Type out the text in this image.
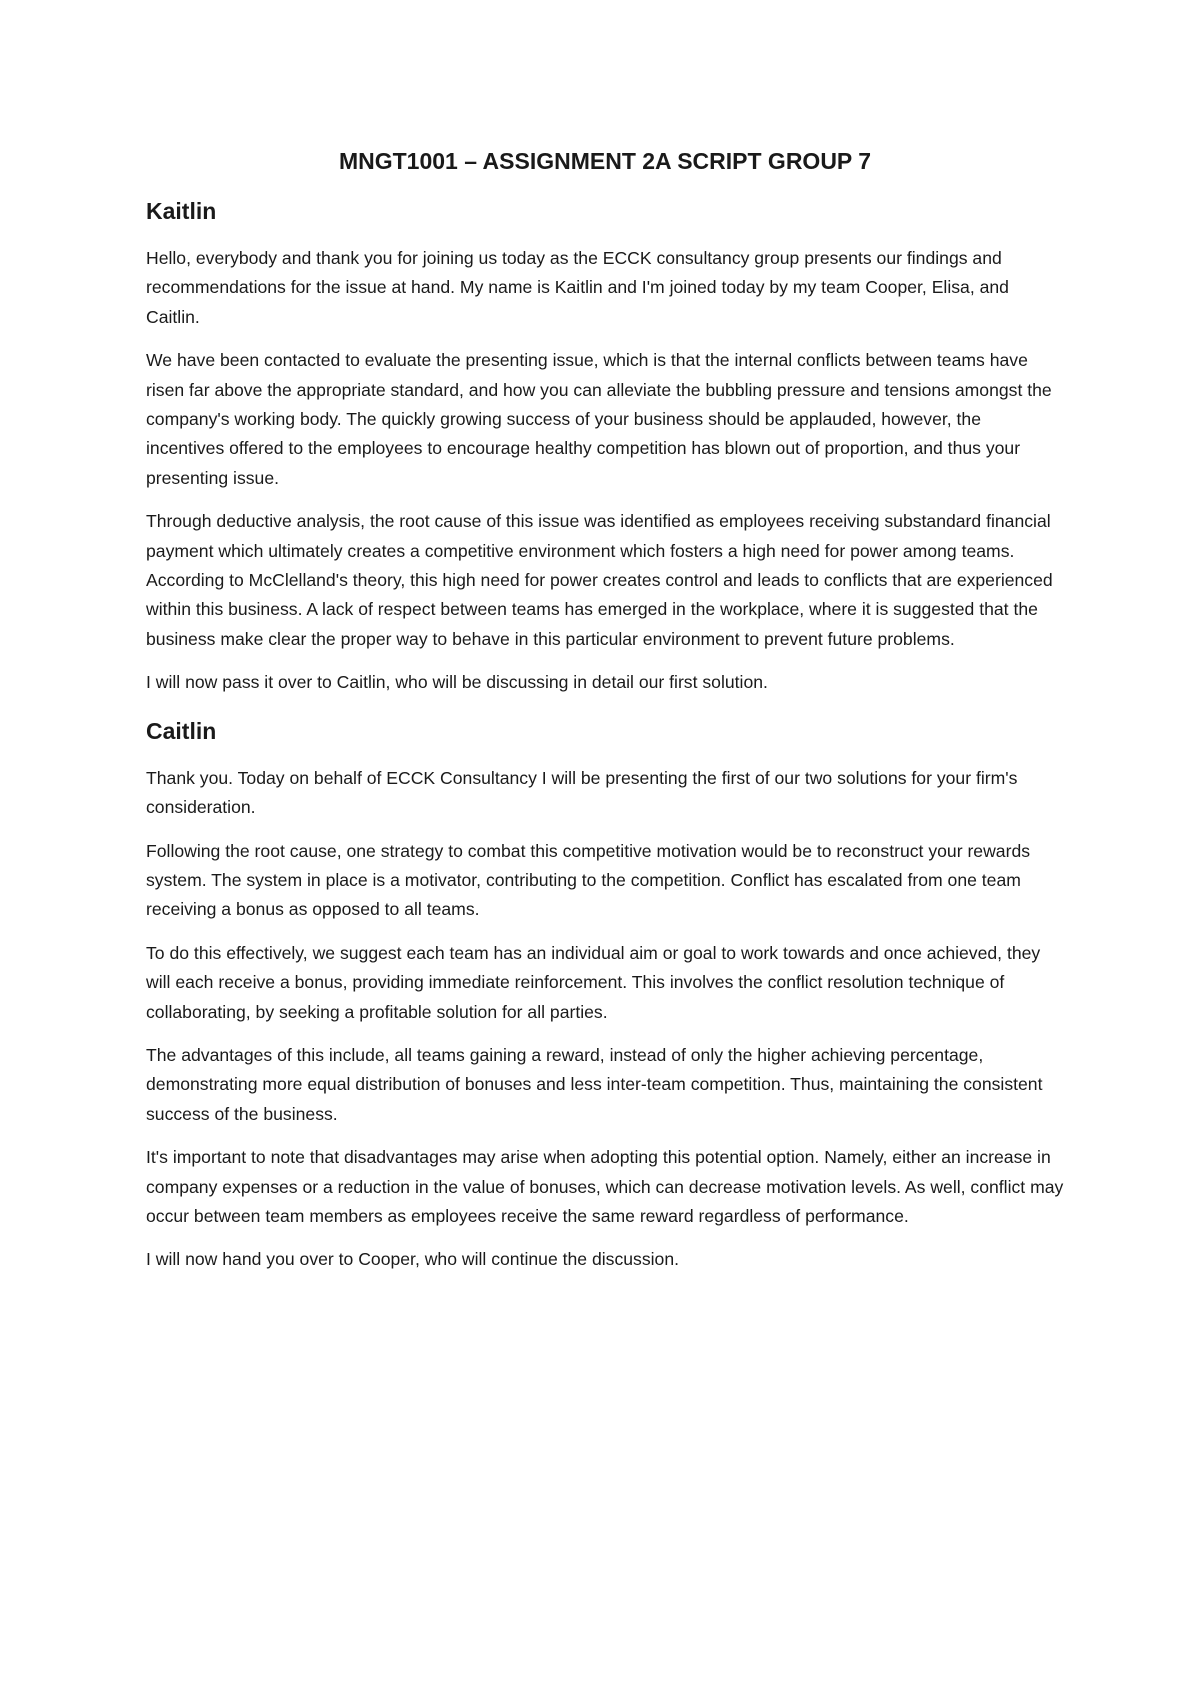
MNGT1001 – ASSIGNMENT 2A SCRIPT GROUP 7
Kaitlin

Hello, everybody and thank you for joining us today as the ECCK consultancy group presents our findings and recommendations for the issue at hand. My name is Kaitlin and I'm joined today by my team Cooper, Elisa, and Caitlin.

We have been contacted to evaluate the presenting issue, which is that the internal conflicts between teams have risen far above the appropriate standard, and how you can alleviate the bubbling pressure and tensions amongst the company's working body. The quickly growing success of your business should be applauded, however, the incentives offered to the employees to encourage healthy competition has blown out of proportion, and thus your presenting issue.

Through deductive analysis, the root cause of this issue was identified as employees receiving substandard financial payment which ultimately creates a competitive environment which fosters a high need for power among teams. According to McClelland's theory, this high need for power creates control and leads to conflicts that are experienced within this business. A lack of respect between teams has emerged in the workplace, where it is suggested that the business make clear the proper way to behave in this particular environment to prevent future problems.

I will now pass it over to Caitlin, who will be discussing in detail our first solution.

Caitlin

Thank you. Today on behalf of ECCK Consultancy I will be presenting the first of our two solutions for your firm's consideration.

Following the root cause, one strategy to combat this competitive motivation would be to reconstruct your rewards system. The system in place is a motivator, contributing to the competition. Conflict has escalated from one team receiving a bonus as opposed to all teams.

To do this effectively, we suggest each team has an individual aim or goal to work towards and once achieved, they will each receive a bonus, providing immediate reinforcement. This involves the conflict resolution technique of collaborating, by seeking a profitable solution for all parties.

The advantages of this include, all teams gaining a reward, instead of only the higher achieving percentage, demonstrating more equal distribution of bonuses and less inter-team competition. Thus, maintaining the consistent success of the business.

It's important to note that disadvantages may arise when adopting this potential option. Namely, either an increase in company expenses or a reduction in the value of bonuses, which can decrease motivation levels. As well, conflict may occur between team members as employees receive the same reward regardless of performance.

I will now hand you over to Cooper, who will continue the discussion.
